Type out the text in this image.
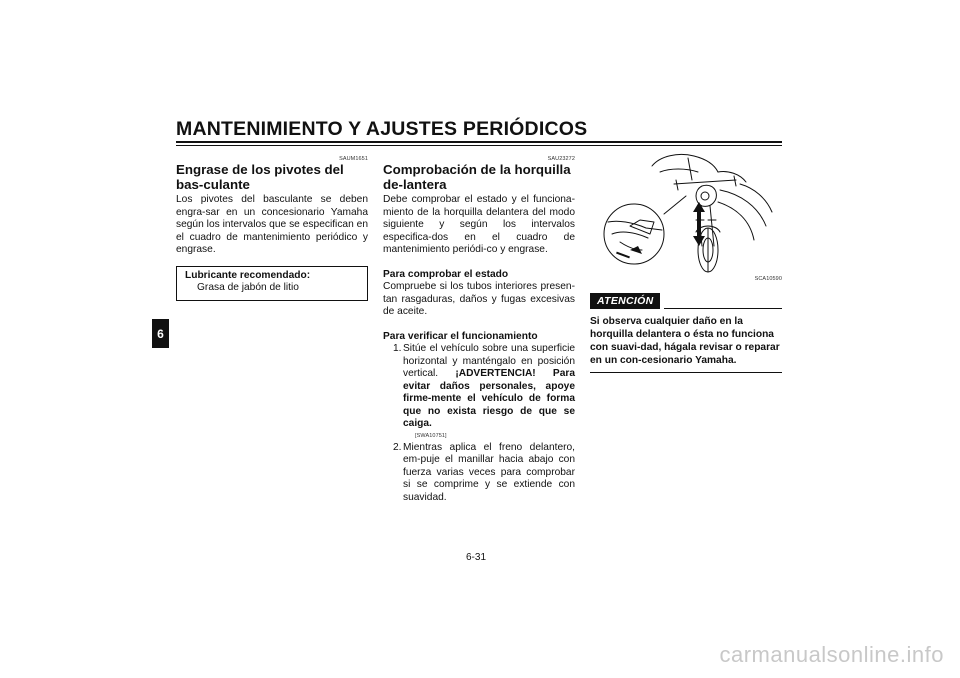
MANTENIMIENTO Y AJUSTES PERIÓDICOS
6
SAUM1651
Engrase de los pivotes del bas-culante

Los pivotes del basculante se deben engra-sar en un concesionario Yamaha según los intervalos que se especifican en el cuadro de mantenimiento periódico y engrase.

Lubricante recomendado:
Grasa de jabón de litio
SAU23272
Comprobación de la horquilla de-lantera

Debe comprobar el estado y el funciona-miento de la horquilla delantera del modo siguiente y según los intervalos especifica-dos en el cuadro de mantenimiento periódi-co y engrase.

Para comprobar el estado

Compruebe si los tubos interiores presen-tan rasgaduras, daños y fugas excesivas de aceite.

Para verificar el funcionamiento
1. Sitúe el vehículo sobre una superficie horizontal y manténgalo en posición vertical. ¡ADVERTENCIA! Para evitar daños personales, apoye firme-mente el vehículo de forma que no exista riesgo de que se caiga.
[SWA10751]
2. Mientras aplica el freno delantero, em-puje el manillar hacia abajo con fuerza varias veces para comprobar si se comprime y se extiende con suavidad.
SCA10590
ATENCIÓN
Si observa cualquier daño en la horquilla delantera o ésta no funciona con suavi-dad, hágala revisar o reparar en un con-cesionario Yamaha.
6-31
carmanualsonline.info
